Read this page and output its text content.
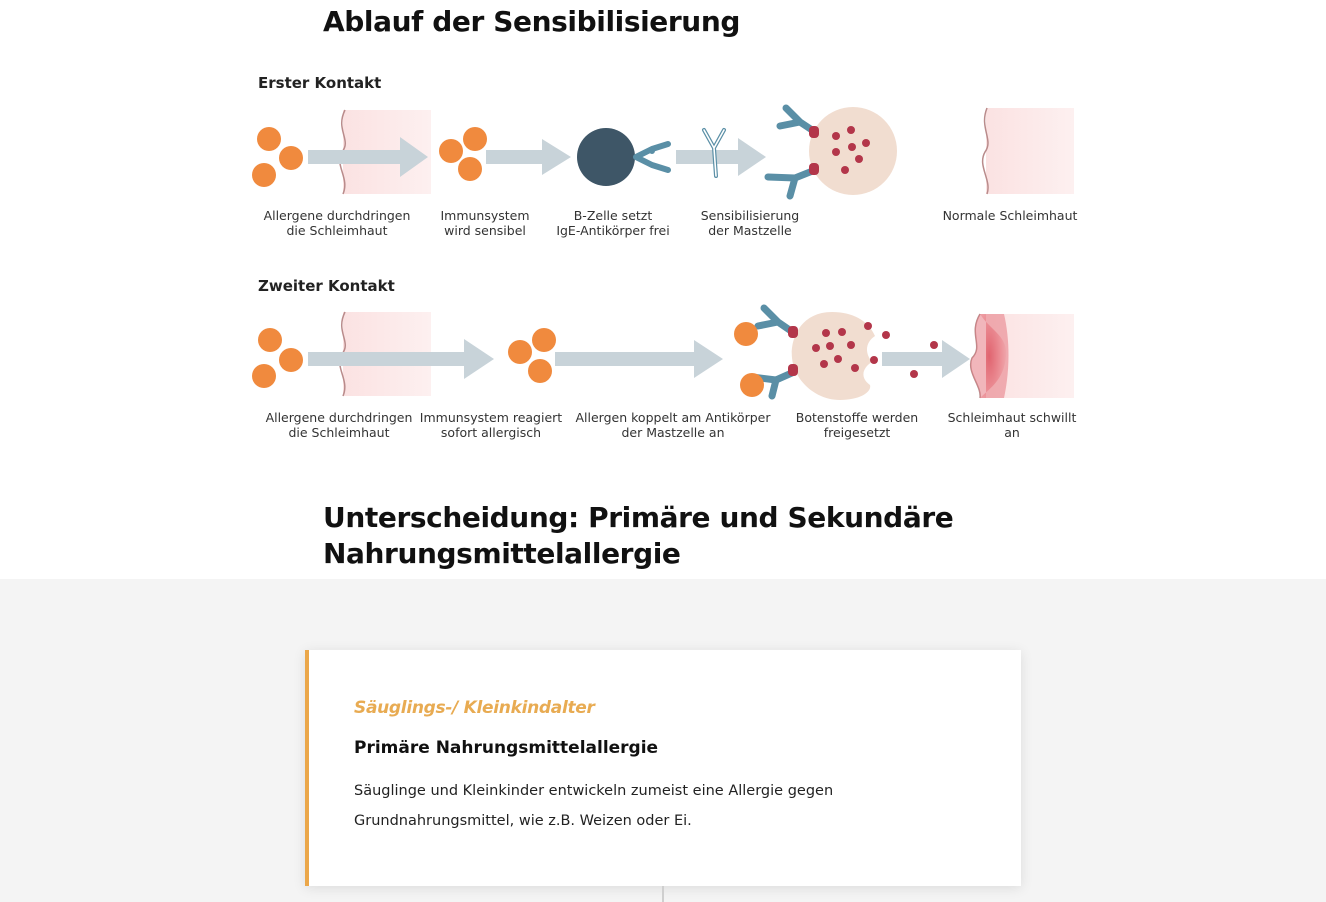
Ablauf der Sensibilisierung
Erster Kontakt
Allergene durchdringen
die Schleimhaut
Immunsystem
wird sensibel
B-Zelle setzt
IgE-Antikörper frei
Sensibilisierung
der Mastzelle
Normale Schleimhaut
Zweiter Kontakt
Allergene durchdringen
die Schleimhaut
Immunsystem reagiert
sofort allergisch
Allergen koppelt am Antikörper
der Mastzelle an
Botenstoffe werden
freigesetzt
Schleimhaut schwillt
an
Unterscheidung: Primäre und Sekundäre
Nahrungsmittelallergie

Säuglings-/ Kleinkindalter

Primäre Nahrungsmittelallergie

Säuglinge und Kleinkinder entwickeln zumeist eine Allergie gegen
Grundnahrungsmittel, wie z.B. Weizen oder Ei.
